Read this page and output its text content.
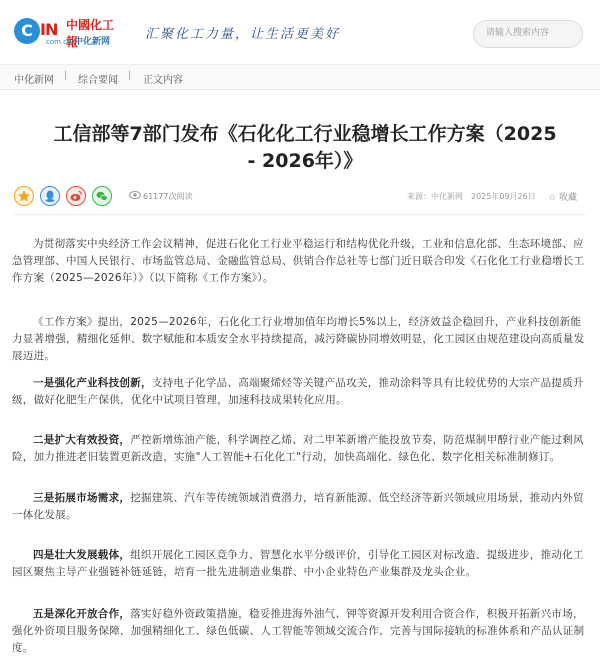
C IN 中國化工報
com.cn 中化新网	汇聚化工力量，让生活更美好
请输入搜索内容
中化新网 | 综合要闻 | 正文内容
工信部等7部门发布《石化化工行业稳增长工作方案（2025
- 2026年）》
61177次阅读	来源：中化新网 2025年09月26日 ☆ 收藏
为贯彻落实中央经济工作会议精神，促进石化化工行业平稳运行和结构优化升级，工业和信息化部、生态环境部、应急管理部、中国人民银行、市场监管总局、金融监管总局、供销合作总社等七部门近日联合印发《石化化工行业稳增长工作方案（2025—2026年）》（以下简称《工作方案》）。
《工作方案》提出，2025—2026年，石化化工行业增加值年均增长5%以上，经济效益企稳回升，产业科技创新能力显著增强，精细化延伸、数字赋能和本质安全水平持续提高，减污降碳协同增效明显，化工园区由规范建设向高质量发展迈进。
一是强化产业科技创新，支持电子化学品、高端聚烯烃等关键产品攻关，推动涂料等具有比较优势的大宗产品提质升级，做好化肥生产保供，优化中试项目管理，加速科技成果转化应用。
二是扩大有效投资，严控新增炼油产能，科学调控乙烯、对二甲苯新增产能投放节奏，防范煤制甲醇行业产能过剩风险，加力推进老旧装置更新改造，实施"人工智能+石化化工"行动，加快高端化、绿色化、数字化相关标准制修订。
三是拓展市场需求，挖掘建筑、汽车等传统领域消费潜力，培育新能源、低空经济等新兴领域应用场景，推动内外贸一体化发展。
四是壮大发展载体，组织开展化工园区竞争力、智慧化水平分级评价，引导化工园区对标改造、提级进步，推动化工园区聚焦主导产业强链补链延链，培育一批先进制造业集群、中小企业特色产业集群及龙头企业。
五是深化开放合作，落实好稳外资政策措施，稳妥推进海外油气、钾等资源开发利用合资合作，积极开拓新兴市场，强化外资项目服务保障，加强精细化工、绿色低碳、人工智能等领域交流合作，完善与国际接轨的标准体系和产品认证制度。
